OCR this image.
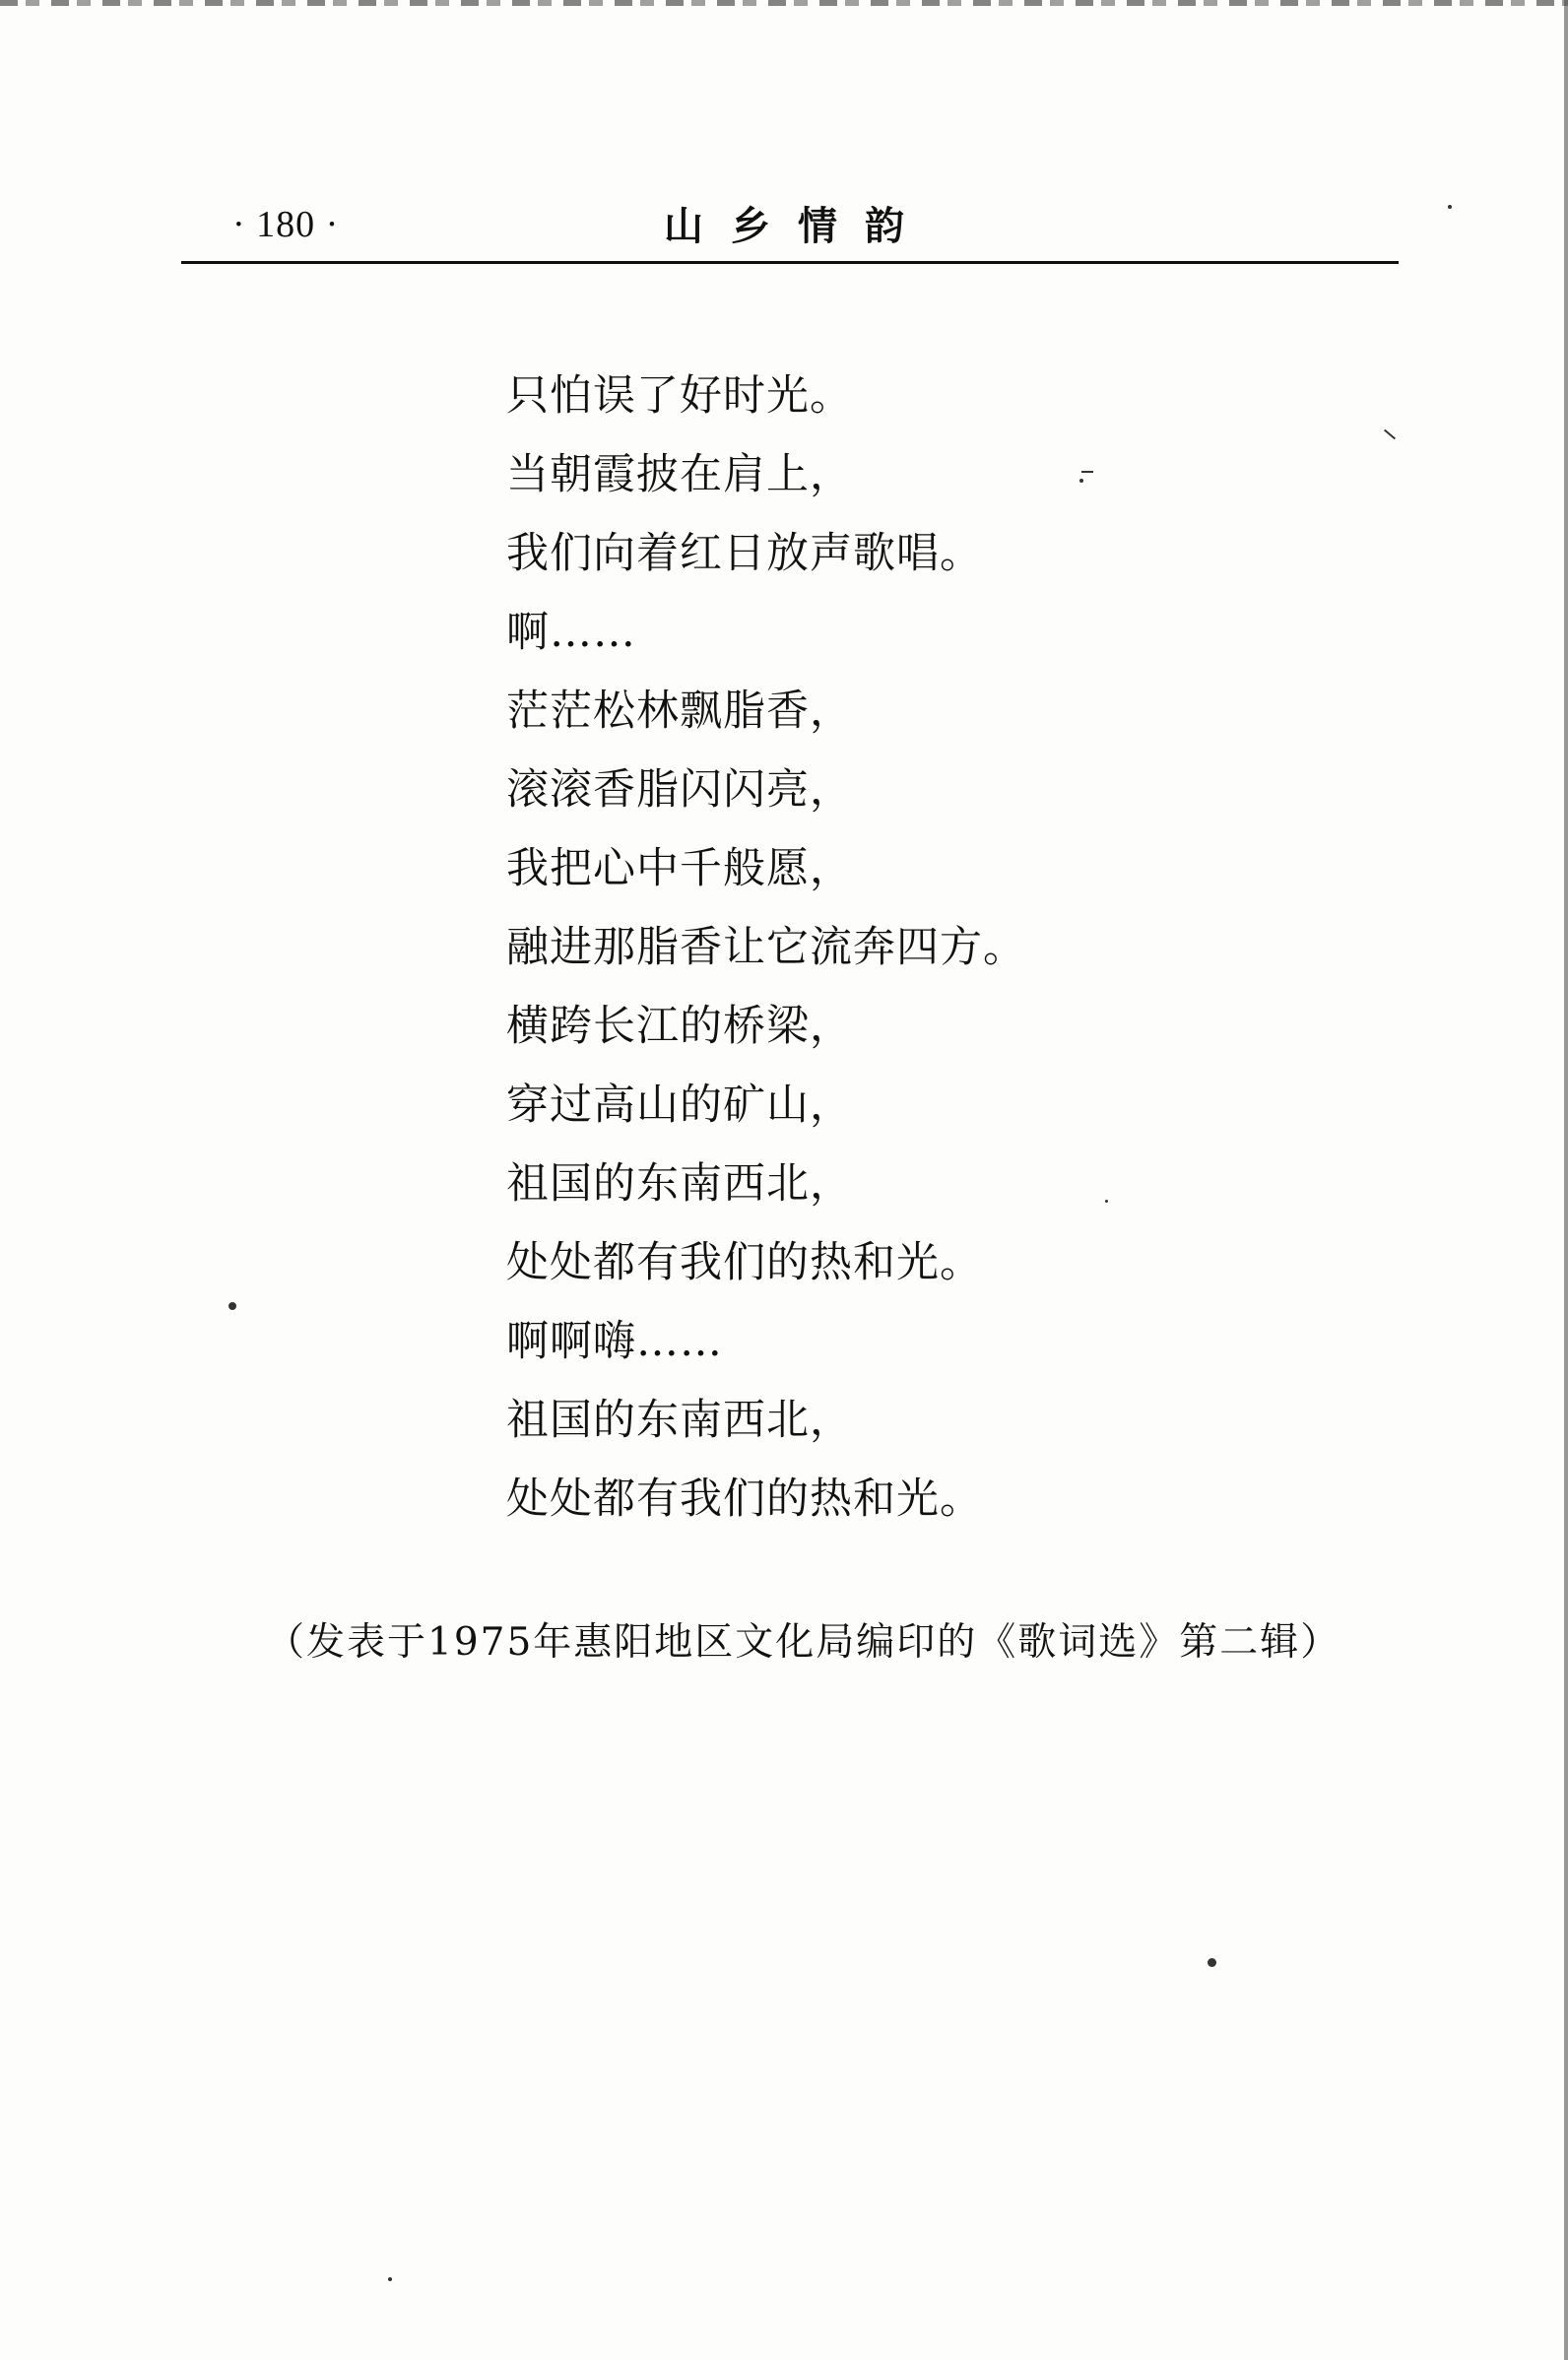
· 180 ·	山乡情韵
只怕误了好时光。
当朝霞披在肩上，
我们向着红日放声歌唱。
啊……
茫茫松林飘脂香，
滚滚香脂闪闪亮，
我把心中千般愿，
融进那脂香让它流奔四方。
横跨长江的桥梁，
穿过高山的矿山，
祖国的东南西北，
处处都有我们的热和光。
啊啊嗨……
祖国的东南西北，
处处都有我们的热和光。
（发表于1975年惠阳地区文化局编印的《歌词选》第二辑）
